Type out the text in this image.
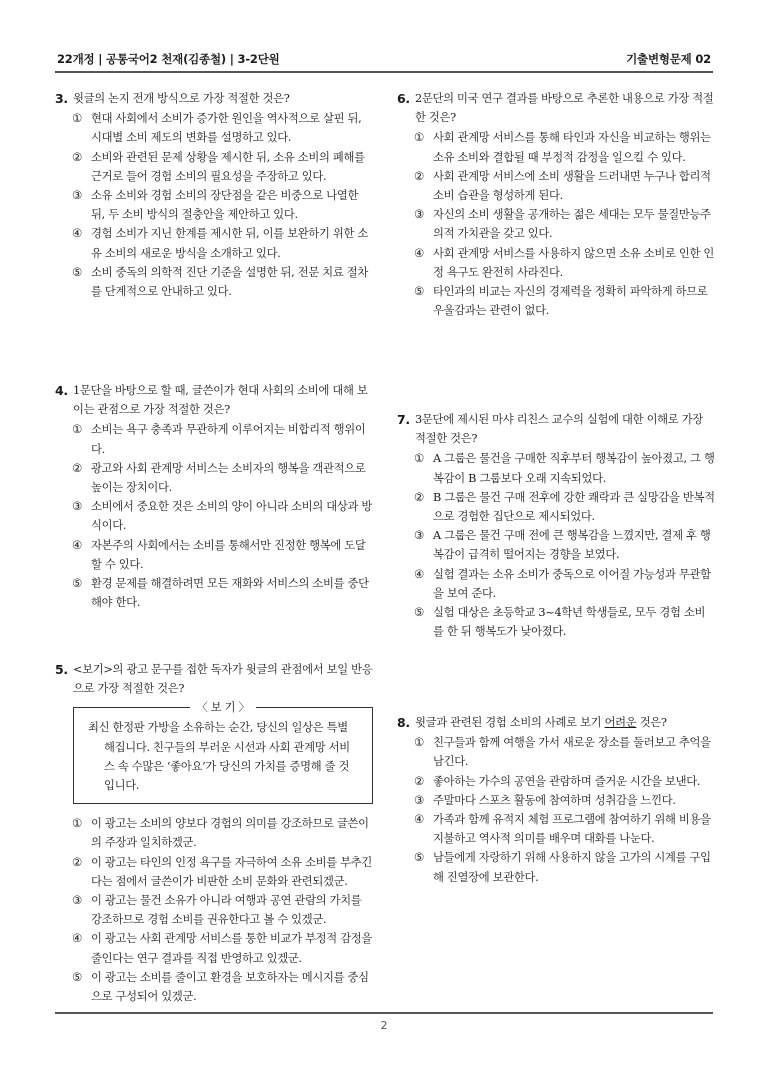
22개정 | 공통국어2 천재(김종철) | 3-2단원	기출변형문제 02
3. 윗글의 논지 전개 방식으로 가장 적절한 것은?
① 현대 사회에서 소비가 증가한 원인을 역사적으로 살핀 뒤, 시대별 소비 제도의 변화를 설명하고 있다.
② 소비와 관련된 문제 상황을 제시한 뒤, 소유 소비의 폐해를 근거로 들어 경험 소비의 필요성을 주장하고 있다.
③ 소유 소비와 경험 소비의 장단점을 같은 비중으로 나열한 뒤, 두 소비 방식의 절충안을 제안하고 있다.
④ 경험 소비가 지닌 한계를 제시한 뒤, 이를 보완하기 위한 소유 소비의 새로운 방식을 소개하고 있다.
⑤ 소비 중독의 의학적 진단 기준을 설명한 뒤, 전문 치료 절차를 단계적으로 안내하고 있다.
4. 1문단을 바탕으로 할 때, 글쓴이가 현대 사회의 소비에 대해 보이는 관점으로 가장 적절한 것은?
① 소비는 욕구 충족과 무관하게 이루어지는 비합리적 행위이다.
② 광고와 사회 관계망 서비스는 소비자의 행복을 객관적으로 높이는 장치이다.
③ 소비에서 중요한 것은 소비의 양이 아니라 소비의 대상과 방식이다.
④ 자본주의 사회에서는 소비를 통해서만 진정한 행복에 도달할 수 있다.
⑤ 환경 문제를 해결하려면 모든 재화와 서비스의 소비를 중단해야 한다.
5. <보기>의 광고 문구를 접한 독자가 윗글의 관점에서 보일 반응으로 가장 적절한 것은?
〈 보 기 〉
최신 한정판 가방을 소유하는 순간, 당신의 일상은 특별해집니다. 친구들의 부러운 시선과 사회 관계망 서비스 속 수많은 ‘좋아요’가 당신의 가치를 증명해 줄 것입니다.
① 이 광고는 소비의 양보다 경험의 의미를 강조하므로 글쓴이의 주장과 일치하겠군.
② 이 광고는 타인의 인정 욕구를 자극하여 소유 소비를 부추긴다는 점에서 글쓴이가 비판한 소비 문화와 관련되겠군.
③ 이 광고는 물건 소유가 아니라 여행과 공연 관람의 가치를 강조하므로 경험 소비를 권유한다고 볼 수 있겠군.
④ 이 광고는 사회 관계망 서비스를 통한 비교가 부정적 감정을 줄인다는 연구 결과를 직접 반영하고 있겠군.
⑤ 이 광고는 소비를 줄이고 환경을 보호하자는 메시지를 중심으로 구성되어 있겠군.
6. 2문단의 미국 연구 결과를 바탕으로 추론한 내용으로 가장 적절한 것은?
① 사회 관계망 서비스를 통해 타인과 자신을 비교하는 행위는 소유 소비와 결합될 때 부정적 감정을 일으킬 수 있다.
② 사회 관계망 서비스에 소비 생활을 드러내면 누구나 합리적 소비 습관을 형성하게 된다.
③ 자신의 소비 생활을 공개하는 젊은 세대는 모두 물질만능주의적 가치관을 갖고 있다.
④ 사회 관계망 서비스를 사용하지 않으면 소유 소비로 인한 인정 욕구도 완전히 사라진다.
⑤ 타인과의 비교는 자신의 경제력을 정확히 파악하게 하므로 우울감과는 관련이 없다.
7. 3문단에 제시된 마샤 리친스 교수의 실험에 대한 이해로 가장 적절한 것은?
① A 그룹은 물건을 구매한 직후부터 행복감이 높아졌고, 그 행복감이 B 그룹보다 오래 지속되었다.
② B 그룹은 물건 구매 전후에 강한 쾌락과 큰 실망감을 반복적으로 경험한 집단으로 제시되었다.
③ A 그룹은 물건 구매 전에 큰 행복감을 느꼈지만, 결제 후 행복감이 급격히 떨어지는 경향을 보였다.
④ 실험 결과는 소유 소비가 중독으로 이어질 가능성과 무관함을 보여 준다.
⑤ 실험 대상은 초등학교 3~4학년 학생들로, 모두 경험 소비를 한 뒤 행복도가 낮아졌다.
8. 윗글과 관련된 경험 소비의 사례로 보기 어려운 것은?
① 친구들과 함께 여행을 가서 새로운 장소를 둘러보고 추억을 남긴다.
② 좋아하는 가수의 공연을 관람하며 즐거운 시간을 보낸다.
③ 주말마다 스포츠 활동에 참여하며 성취감을 느낀다.
④ 가족과 함께 유적지 체험 프로그램에 참여하기 위해 비용을 지불하고 역사적 의미를 배우며 대화를 나눈다.
⑤ 남들에게 자랑하기 위해 사용하지 않을 고가의 시계를 구입해 진열장에 보관한다.
2
